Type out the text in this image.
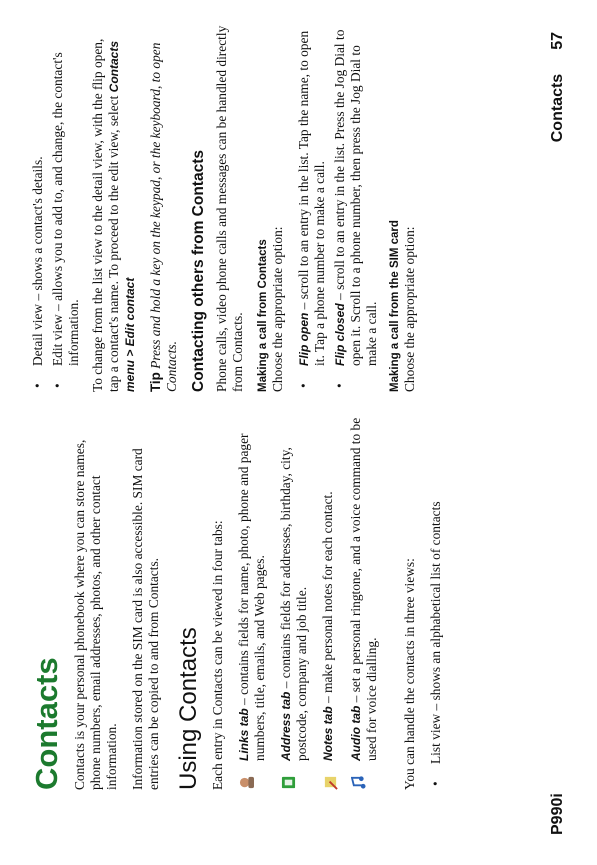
Contacts Contacts is your personal phonebook where you can store names, phone numbers, email addresses, photos, and other contact information. Information stored on the SIM card is also accessible. SIM card entries can be copied to and from Contacts. Using Contacts Each entry in Contacts can be viewed in four tabs: Links tab – contains fields for name, photo, phone and pager numbers, title, emails, and Web pages. Address tab – contains fields for addresses, birthday, city, postcode, company and job title. Notes tab – make personal notes for each contact.
Audio tab – set a personal ringtone, and a voice command to be used for voice dialling. You can handle the contacts in three views: •
List view – shows an alphabetical list of contacts
•
Detail view – shows a contact's details.
•
Edit view – allows you to add to, and change, the contact's information. To change from the list view to the detail view, with the flip open, tap a contact's name. To proceed to the edit view, select Contacts menu > Edit contact Tip Press and hold a key on the keypad, or the keyboard, to open Contacts. Contacting others from Contacts Phone calls, video phone calls and messages can be handled directly from Contacts. Making a call from Contacts Choose the appropriate option: •
Flip open – scroll to an entry in the list. Tap the name, to open it. Tap a phone number to make a call.
•
Flip closed – scroll to an entry in the list. Press the Jog Dial to open it. Scroll to a phone number, then press the Jog Dial to make a call. Making a call from the SIM card Choose the appropriate option:

P990i
Contacts57
